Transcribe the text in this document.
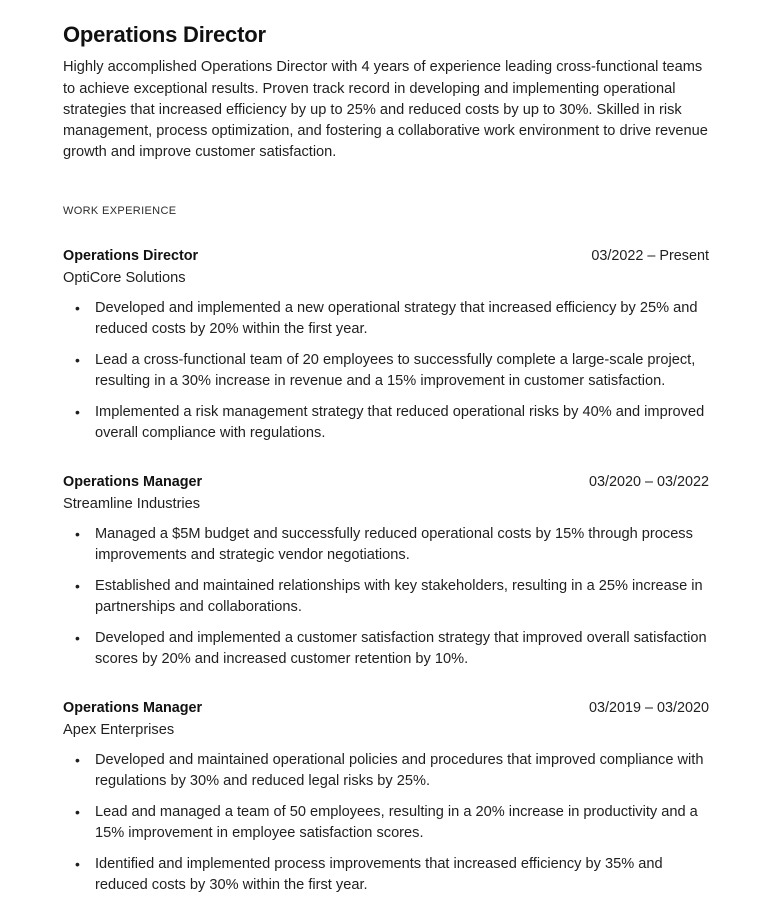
Operations Director

Highly accomplished Operations Director with 4 years of experience leading cross-functional teams to achieve exceptional results. Proven track record in developing and implementing operational strategies that increased efficiency by up to 25% and reduced costs by up to 30%. Skilled in risk management, process optimization, and fostering a collaborative work environment to drive revenue growth and improve customer satisfaction.

WORK EXPERIENCE
Operations Director	03/2022 – Present
OptiCore Solutions
• Developed and implemented a new operational strategy that increased efficiency by 25% and reduced costs by 20% within the first year.
• Lead a cross-functional team of 20 employees to successfully complete a large-scale project, resulting in a 30% increase in revenue and a 15% improvement in customer satisfaction.
• Implemented a risk management strategy that reduced operational risks by 40% and improved overall compliance with regulations.
Operations Manager	03/2020 – 03/2022
Streamline Industries
• Managed a $5M budget and successfully reduced operational costs by 15% through process improvements and strategic vendor negotiations.
• Established and maintained relationships with key stakeholders, resulting in a 25% increase in partnerships and collaborations.
• Developed and implemented a customer satisfaction strategy that improved overall satisfaction scores by 20% and increased customer retention by 10%.
Operations Manager	03/2019 – 03/2020
Apex Enterprises
• Developed and maintained operational policies and procedures that improved compliance with regulations by 30% and reduced legal risks by 25%.
• Lead and managed a team of 50 employees, resulting in a 20% increase in productivity and a 15% improvement in employee satisfaction scores.
• Identified and implemented process improvements that increased efficiency by 35% and reduced costs by 30% within the first year.
